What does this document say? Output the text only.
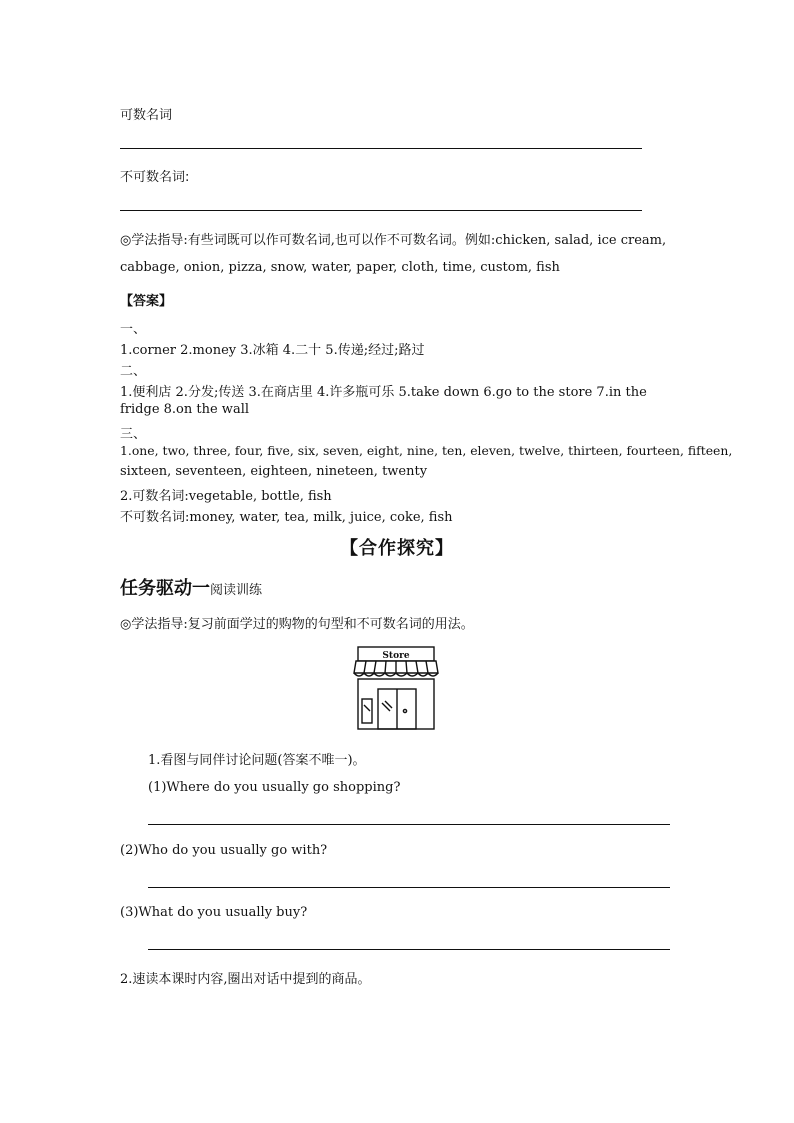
可数名词
不可数名词:
◎学法指导:有些词既可以作可数名词,也可以作不可数名词。例如:chicken, salad, ice cream,
cabbage, onion, pizza, snow, water, paper, cloth, time, custom, fish
【答案】
一、
1.corner 2.money 3.冰箱 4.二十 5.传递;经过;路过
二、
1.便利店 2.分发;传送 3.在商店里 4.许多瓶可乐 5.take down 6.go to the store 7.in the
fridge 8.on the wall
三、
1.one, two, three, four, five, six, seven, eight, nine, ten, eleven, twelve, thirteen, fourteen, fifteen,
sixteen, seventeen, eighteen, nineteen, twenty
2.可数名词:vegetable, bottle, fish
不可数名词:money, water, tea, milk, juice, coke, fish
【合作探究】
任务驱动一阅读训练
◎学法指导:复习前面学过的购物的句型和不可数名词的用法。
Store
1.看图与同伴讨论问题(答案不唯一)。
(1)Where do you usually go shopping?
(2)Who do you usually go with?
(3)What do you usually buy?
2.速读本课时内容,圈出对话中提到的商品。
